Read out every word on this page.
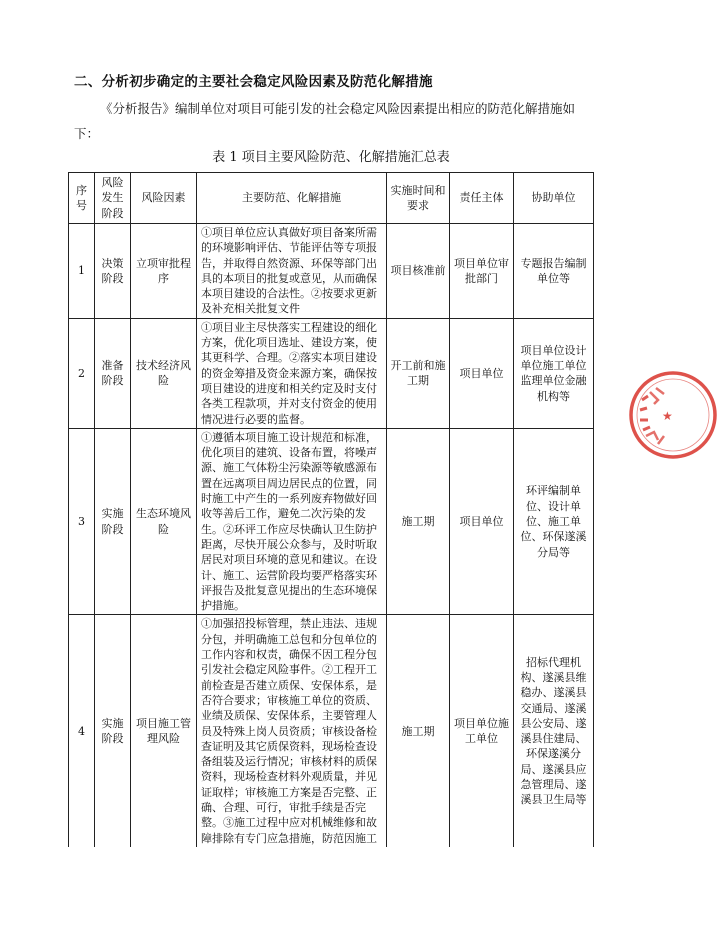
二、分析初步确定的主要社会稳定风险因素及防范化解措施
《分析报告》编制单位对项目可能引发的社会稳定风险因素提出相应的防范化解措施如下：
表 1 项目主要风险防范、化解措施汇总表
序号	风险发生阶段	风险因素	主要防范、化解措施	实施时间和要求	责任主体	协助单位
1	决策阶段	立项审批程序	①项目单位应认真做好项目备案所需的环境影响评估、节能评估等专项报告，并取得自然资源、环保等部门出具的本项目的批复或意见，从而确保本项目建设的合法性。②按要求更新及补充相关批复文件	项目核准前	项目单位审批部门	专题报告编制单位等
2	准备阶段	技术经济风险	①项目业主尽快落实工程建设的细化方案，优化项目选址、建设方案，使其更科学、合理。②落实本项目建设的资金筹措及资金来源方案，确保按项目建设的进度和相关约定及时支付各类工程款项，并对支付资金的使用情况进行必要的监督。	开工前和施工期	项目单位	项目单位设计单位施工单位监理单位金融机构等
3	实施阶段	生态环境风险	①遵循本项目施工设计规范和标准，优化项目的建筑、设备布置，将噪声源、施工气体粉尘污染源等敏感源布置在远离项目周边居民点的位置，同时施工中产生的一系列废弃物做好回收等善后工作，避免二次污染的发生。②环评工作应尽快确认卫生防护距离，尽快开展公众参与，及时听取居民对项目环境的意见和建议。在设计、施工、运营阶段均要严格落实环评报告及批复意见提出的生态环境保护措施。	施工期	项目单位	环评编制单位、设计单位、施工单位、环保遂溪分局等
4	实施阶段	项目施工管理风险	①加强招投标管理，禁止违法、违规分包，并明确施工总包和分包单位的工作内容和权责，确保不因工程分包引发社会稳定风险事件。②工程开工前检查是否建立质保、安保体系，是否符合要求；审核施工单位的资质、业绩及质保、安保体系，主要管理人员及特殊上岗人员资质；审核设备检查证明及其它质保资料，现场检查设备组装及运行情况；审核材料的质保资料，现场检查材料外观质量，并见证取样；审核施工方案是否完整、正确、合理、可行，审批手续是否完整。③施工过程中应对机械维修和故障排除有专门应急措施，防范因施工	施工期	项目单位施工单位	招标代理机构、遂溪县维稳办、遂溪县交通局、遂溪县公安局、遂溪县住建局、环保遂溪分局、遂溪县应急管理局、遂溪县卫生局等
★
